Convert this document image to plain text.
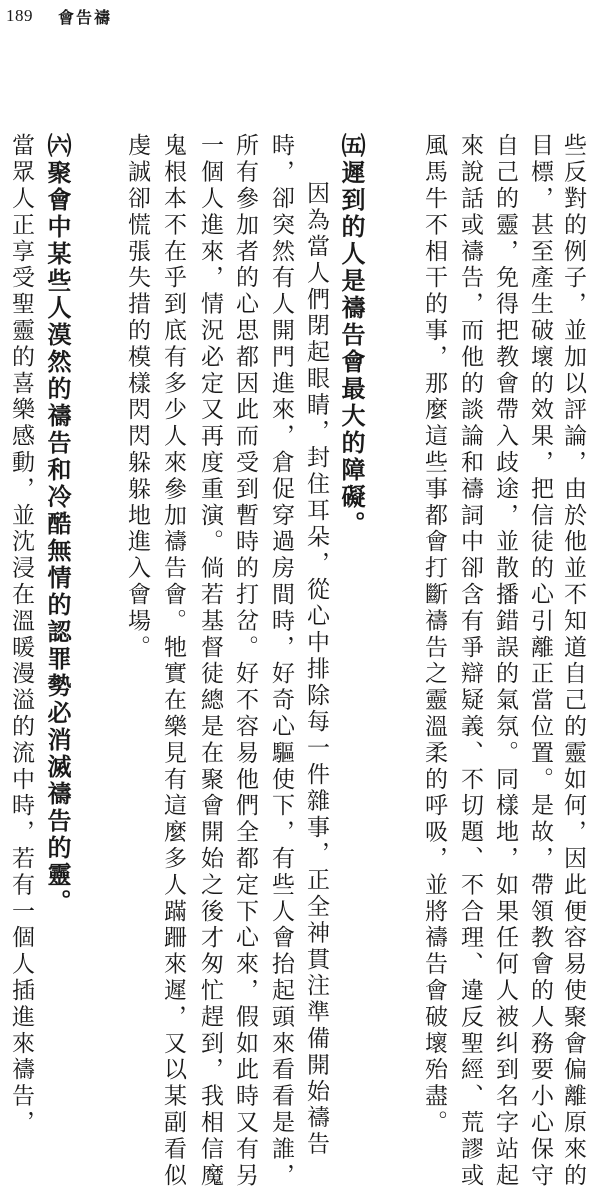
189 會告禱
些反對的例子，並加以評論，由於他並不知道自己的靈如何，因此便容易使聚會偏離原來的
目標，甚至產生破壞的效果，把信徒的心引離正當位置。是故，帶領教會的人務要小心保守
自己的靈，免得把教會帶入歧途，並散播錯誤的氣氛。同樣地，如果任何人被纠到名字站起
來說話或禱告，而他的談論和禱詞中卻含有爭辯疑義、不切題、不合理、違反聖經、荒謬或
風馬牛不相干的事，那麼這些事都會打斷禱告之靈溫柔的呼吸，並將禱告會破壞殆盡。
㈤遲到的人是禱告會最大的障礙。
因為當人們閉起眼睛，封住耳朵，從心中排除每一件雜事，正全神貫注準備開始禱告
時，卻突然有人開門進來，倉促穿過房間時，好奇心驅使下，有些人會抬起頭來看看是誰，
所有參加者的心思都因此而受到暫時的打岔。好不容易他們全都定下心來，假如此時又有另
一個人進來，情況必定又再度重演。倘若基督徒總是在聚會開始之後才匆忙趕到，我相信魔
鬼根本不在乎到底有多少人來參加禱告會。牠實在樂見有這麼多人蹣跚來遲，又以某副看似
虔誠卻慌張失措的模樣閃閃躲躲地進入會場。
㈥聚會中某些人漠然的禱告和冷酷無情的認罪勢必消滅禱告的靈。
當眾人正享受聖靈的喜樂感動，並沈浸在溫暖漫溢的流中時，若有一個人插進來禱告，
